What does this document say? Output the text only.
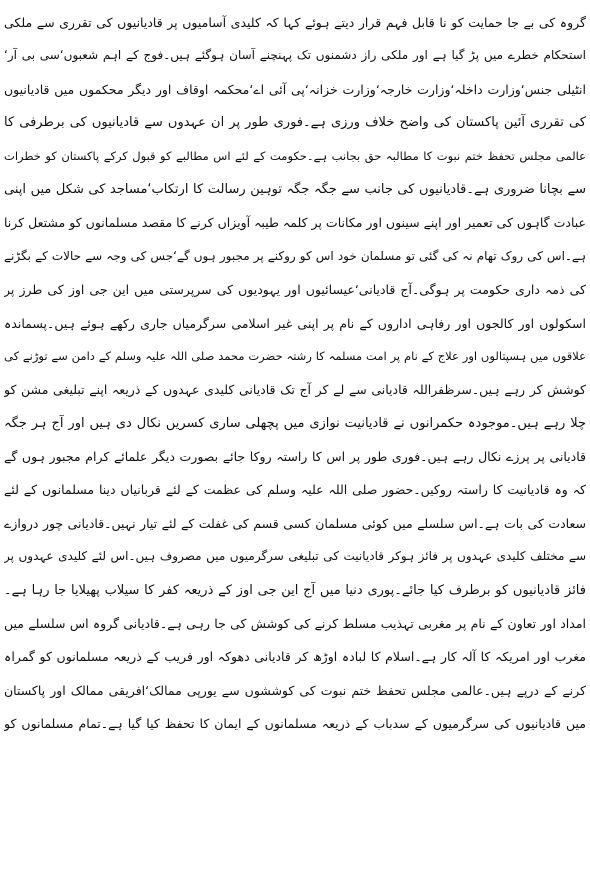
گروہ کی بے جا حمایت کو نا قابل فہم قرار دیتے ہوئے کہا کہ کلیدی آسامیوں پر قادیانیوں کی تقرری سے ملکی
استحکام خطرے میں پڑ گیا ہے اور ملکی راز دشمنوں تک پہنچنے آسان ہوگئے ہیں۔فوج کے اہم شعبوں‘سی بی آر‘
انٹیلی جنس‘وزارت داخلہ‘وزارت خارجہ‘وزارت خزانہ‘پی آئی اے‘محکمہ اوقاف اور دیگر محکموں میں قادیانیوں
کی تقرری آئین پاکستان کی واضح خلاف ورزی ہے۔فوری طور پر ان عہدوں سے قادیانیوں کی برطرفی کا
عالمی مجلس تحفظ ختم نبوت کا مطالبہ حق بجانب ہے۔حکومت کے لئے اس مطالبے کو قبول کرکے پاکستان کو خطرات
سے بچانا ضروری ہے۔قادیانیوں کی جانب سے جگہ جگہ توہین رسالت کا ارتکاب‘مساجد کی شکل میں اپنی
عبادت گاہوں کی تعمیر اور اپنے سینوں اور مکانات پر کلمہ طیبہ آویزاں کرنے کا مقصد مسلمانوں کو مشتعل کرنا
ہے۔اس کی روک تھام نہ کی گئی تو مسلمان خود اس کو روکنے پر مجبور ہوں گے‘جس کی وجہ سے حالات کے بگڑنے
کی ذمہ داری حکومت پر ہوگی۔آج قادیانی‘عیسائیوں اور یہودیوں کی سرپرستی میں این جی اوز کی طرز پر
اسکولوں اور کالجوں اور رفاہی اداروں کے نام پر اپنی غیر اسلامی سرگرمیاں جاری رکھے ہوئے ہیں۔پسماندہ
علاقوں میں ہسپتالوں اور علاج کے نام پر امت مسلمہ کا رشتہ حضرت محمد صلی اللہ علیہ وسلم کے دامن سے توڑنے کی
کوشش کر رہے ہیں۔سرظفراللہ قادیانی سے لے کر آج تک قادیانی کلیدی عہدوں کے ذریعہ اپنے تبلیغی مشن کو
چلا رہے ہیں۔موجودہ حکمرانوں نے قادیانیت نوازی میں پچھلی ساری کسریں نکال دی ہیں اور آج ہر جگہ
قادیانی پر پرزے نکال رہے ہیں۔فوری طور پر اس کا راستہ روکا جائے بصورت دیگر علمائے کرام مجبور ہوں گے
کہ وہ قادیانیت کا راستہ روکیں۔حضور صلی اللہ علیہ وسلم کی عظمت کے لئے قربانیاں دینا مسلمانوں کے لئے
سعادت کی بات ہے۔اس سلسلے میں کوئی مسلمان کسی قسم کی غفلت کے لئے تیار نہیں۔قادیانی چور دروازے
سے مختلف کلیدی عہدوں پر فائز ہوکر قادیانیت کی تبلیغی سرگرمیوں میں مصروف ہیں۔اس لئے کلیدی عہدوں پر
فائز قادیانیوں کو برطرف کیا جائے۔پوری دنیا میں آج این جی اوز کے ذریعہ کفر کا سیلاب پھیلایا جا رہا ہے۔
امداد اور تعاون کے نام پر مغربی تہذیب مسلط کرنے کی کوشش کی جا رہی ہے۔قادیانی گروہ اس سلسلے میں
مغرب اور امریکہ کا آلہ کار ہے۔اسلام کا لبادہ اوڑھ کر قادیانی دھوکہ اور فریب کے ذریعہ مسلمانوں کو گمراہ
کرنے کے درپے ہیں۔عالمی مجلس تحفظ ختم نبوت کی کوششوں سے یورپی ممالک‘افریقی ممالک اور پاکستان
میں قادیانیوں کی سرگرمیوں کے سدباب کے ذریعہ مسلمانوں کے ایمان کا تحفظ کیا گیا ہے۔تمام مسلمانوں کو
